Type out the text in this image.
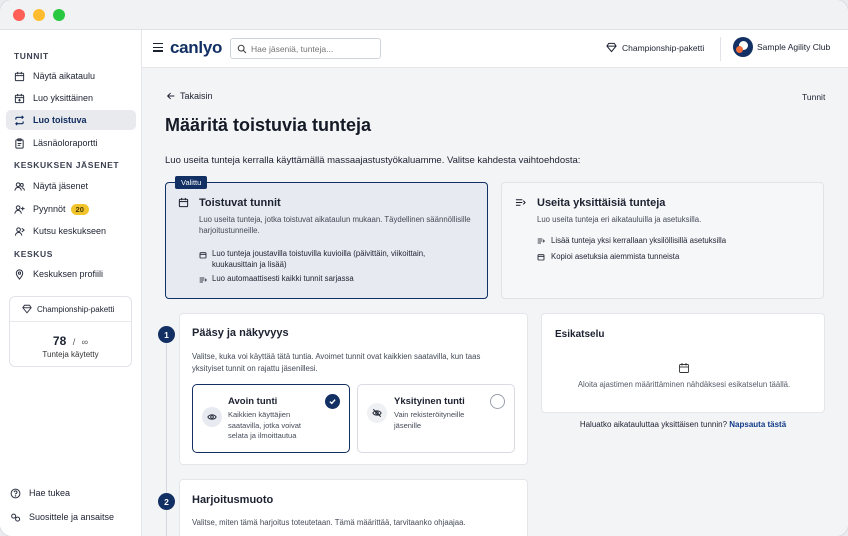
TUNNIT
Näytä aikataulu
Luo yksittäinen
Luo toistuva
Läsnäoloraportti
KESKUKSEN JÄSENET
Näytä jäsenet
Pyynnöt	20
Kutsu keskukseen
KESKUS
Keskuksen profiili
Championship-paketti
78 / ∞
Tunteja käytetty
Hae tukea
Suosittele ja ansaitse
canlyo
Hae jäseniä, tunteja...	Championship-paketti	Sample Agility Club
Takaisin	Tunnit
Määritä toistuvia tunteja
Luo useita tunteja kerralla käyttämällä massaajastustyökaluamme. Valitse kahdesta vaihtoehdosta:
Valittu
Toistuvat tunnit
Luo useita tunteja, jotka toistuvat aikataulun mukaan. Täydellinen säännöllisille harjoitustunneille.
Luo tunteja joustavilla toistuvilla kuvioilla (päivittäin, viikoittain, kuukausittain ja lisää)
Luo automaattisesti kaikki tunnit sarjassa
Useita yksittäisiä tunteja
Luo useita tunteja eri aikatauluilla ja asetuksilla.
Lisää tunteja yksi kerrallaan yksilöllisillä asetuksilla
Kopioi asetuksia aiemmista tunneista
1	Pääsy ja näkyvyys
Valitse, kuka voi käyttää tätä tuntia. Avoimet tunnit ovat kaikkien saatavilla, kun taas yksityiset tunnit on rajattu jäsenillesi.
Avoin tunti
Kaikkien käyttäjien saatavilla, jotka voivat selata ja ilmoittautua
Yksityinen tunti
Vain rekisteröityneille jäsenille
2	Harjoitusmuoto
Valitse, miten tämä harjoitus toteutetaan. Tämä määrittää, tarvitaanko ohjaajaa.
Esikatselu
Aloita ajastimen määrittäminen nähdäksesi esikatselun täällä.
Haluatko aikatauluttaa yksittäisen tunnin? Napsauta tästä
